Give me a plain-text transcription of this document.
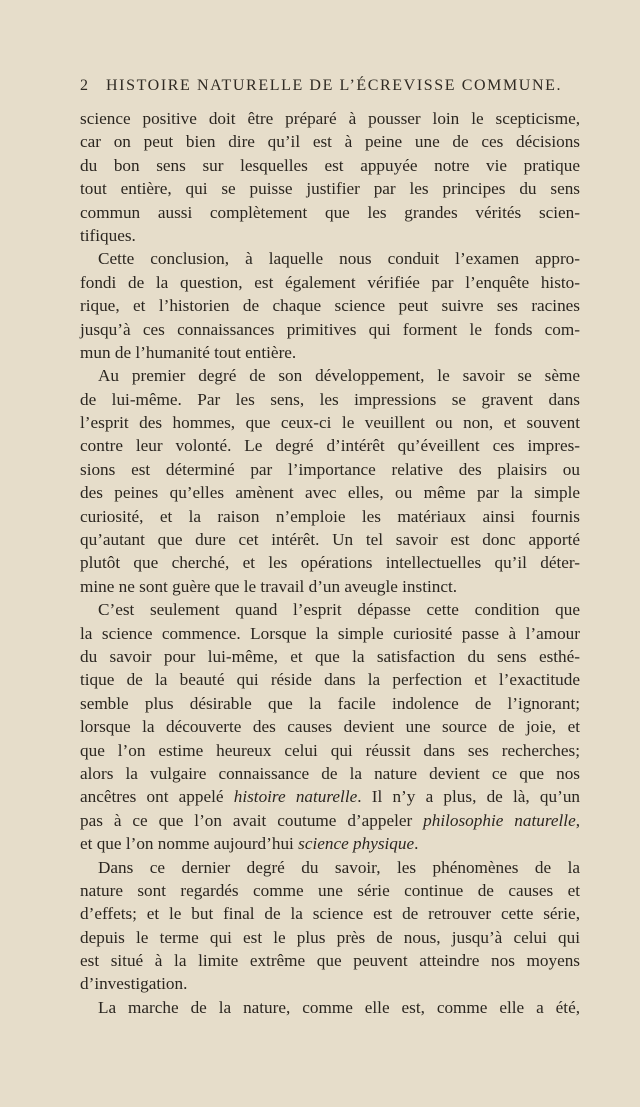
2 HISTOIRE NATURELLE DE L’ÉCREVISSE COMMUNE.
science positive doit être préparé à pousser loin le scepticisme,
car on peut bien dire qu’il est à peine une de ces décisions
du bon sens sur lesquelles est appuyée notre vie pratique
tout entière, qui se puisse justifier par les principes du sens
commun aussi complètement que les grandes vérités scien-
tifiques.
Cette conclusion, à laquelle nous conduit l’examen appro-
fondi de la question, est également vérifiée par l’enquête histo-
rique, et l’historien de chaque science peut suivre ses racines
jusqu’à ces connaissances primitives qui forment le fonds com-
mun de l’humanité tout entière.
Au premier degré de son développement, le savoir se sème
de lui-même. Par les sens, les impressions se gravent dans
l’esprit des hommes, que ceux-ci le veuillent ou non, et souvent
contre leur volonté. Le degré d’intérêt qu’éveillent ces impres-
sions est déterminé par l’importance relative des plaisirs ou
des peines qu’elles amènent avec elles, ou même par la simple
curiosité, et la raison n’emploie les matériaux ainsi fournis
qu’autant que dure cet intérêt. Un tel savoir est donc apporté
plutôt que cherché, et les opérations intellectuelles qu’il déter-
mine ne sont guère que le travail d’un aveugle instinct.
C’est seulement quand l’esprit dépasse cette condition que
la science commence. Lorsque la simple curiosité passe à l’amour
du savoir pour lui-même, et que la satisfaction du sens esthé-
tique de la beauté qui réside dans la perfection et l’exactitude
semble plus désirable que la facile indolence de l’ignorant;
lorsque la découverte des causes devient une source de joie, et
que l’on estime heureux celui qui réussit dans ses recherches;
alors la vulgaire connaissance de la nature devient ce que nos
ancêtres ont appelé histoire naturelle. Il n’y a plus, de là, qu’un
pas à ce que l’on avait coutume d’appeler philosophie naturelle,
et que l’on nomme aujourd’hui science physique.
Dans ce dernier degré du savoir, les phénomènes de la
nature sont regardés comme une série continue de causes et
d’effets; et le but final de la science est de retrouver cette série,
depuis le terme qui est le plus près de nous, jusqu’à celui qui
est situé à la limite extrême que peuvent atteindre nos moyens
d’investigation.
La marche de la nature, comme elle est, comme elle a été,
